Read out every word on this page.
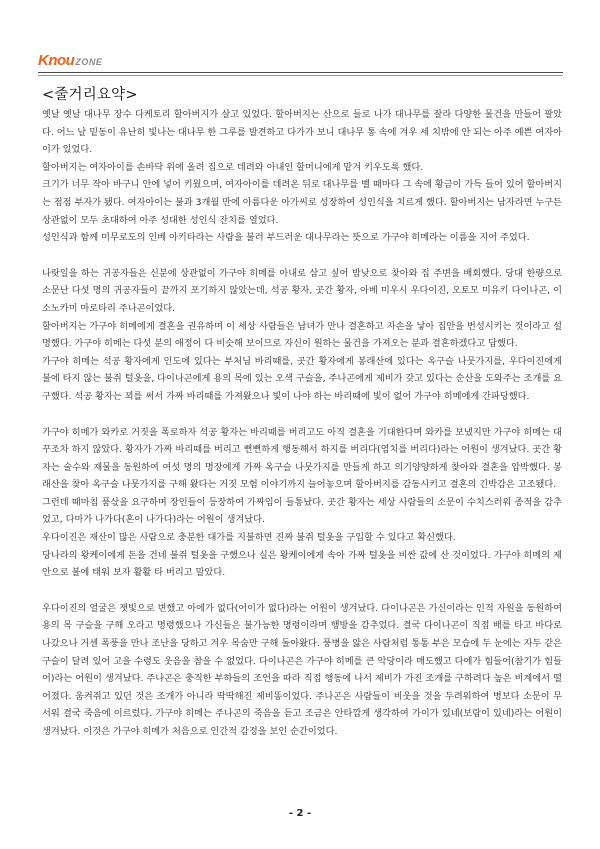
KnouZONE
<줄거리요약>

옛날 옛날 대나무 장수 다케토리 할아버지가 살고 있었다. 할아버지는 산으로 들로 나가 대나무를 잘라 다양한 물건을 만들어 팔았다. 어느 날 밑동이 유난히 빛나는 대나무 한 그루를 발견하고 다가가 보니 대나무 통 속에 겨우 세 치밖에 안 되는 아주 예쁜 여자아이가 있었다.

할아버지는 여자아이를 손바닥 위에 올려 집으로 데려와 아내인 할머니에게 맡겨 키우도록 했다.

크기가 너무 작아 바구니 안에 넣어 키웠으며, 여자아이를 데려온 뒤로 대나무를 벨 때마다 그 속에 황금이 가득 들어 있어 할아버지는 점점 부자가 됐다. 여자아이는 불과 3개월 만에 아름다운 아가씨로 성장하여 성인식을 치르게 했다. 할아버지는 남자라면 누구든 상관없이 모두 초대하여 아주 성대한 성인식 잔치를 열었다.

성인식과 함께 미무로도의 인베 아키타라는 사람을 불러 부드러운 대나무라는 뜻으로 가구야 히메라는 이름을 지어 주었다.

나랏일을 하는 귀공자들은 신분에 상관없이 가구야 히메를 아내로 삼고 싶어 밤낮으로 찾아와 집 주변을 배회했다. 당대 한량으로 소문난 다섯 명의 귀공자들이 끝까지 포기하지 않았는데, 석공 황자, 곳간 황자, 아베 미우시 우다이진, 오토모 미유키 다이나곤, 이소노카미 마로타리 주나곤이었다.

할아버지는 가구야 히메에게 결혼을 권유하며 이 세상 사람들은 남녀가 만나 결혼하고 자손을 낳아 집안을 번성시키는 것이라고 설명했다. 가구야 히메는 다섯 분의 애정이 다 비슷해 보이므로 자신이 원하는 물건을 가져오는 분과 결혼하겠다고 답했다.

가구야 히메는 석공 황자에게 인도에 있다는 부처님 바리때를, 곳간 황자에게 봉래산에 있다는 옥구슬 나뭇가지를, 우다이진에게 불에 타지 않는 불쥐 털옷을, 다이나곤에게 용의 목에 있는 오색 구슬을, 주나곤에게 제비가 갖고 있다는 순산을 도와주는 조개를 요구했다. 석공 황자는 꾀를 써서 가짜 바리때를 가져왔으나 빛이 나야 하는 바리때에 빛이 없어 가구야 히메에게 간파당했다.

가구야 히메가 와카로 거짓을 폭로하자 석공 황자는 바리때를 버리고도 아직 결혼을 기대한다며 와카를 보냈지만 가구야 히메는 대꾸조차 하지 않았다. 황자가 가짜 바리때를 버리고 뻔뻔하게 행동해서 하지를 버리다(염치를 버리다)라는 어원이 생겨났다. 곳간 황자는 술수와 재물을 동원하여 여섯 명의 명장에게 가짜 옥구슬 나뭇가지를 만들게 하고 의기양양하게 찾아와 결혼을 압박했다. 봉래산을 찾아 옥구슬 나뭇가지를 구해 왔다는 거짓 모험 이야기까지 늘어놓으며 할아버지를 감동시키고 결혼의 긴박감은 고조됐다.

그런데 때마침 품삯을 요구하며 장인들이 등장하여 가짜임이 들통났다. 곳간 황자는 세상 사람들의 소문이 수치스러워 종적을 감추었고, 다마가 나가다(혼이 나가다)라는 어원이 생겨났다.

우다이진은 재산이 많은 사람으로 충분한 대가를 지불하면 진짜 불쥐 털옷을 구입할 수 있다고 확신했다.

당나라의 왕케이에게 돈을 건네 불쥐 털옷을 구했으나 실은 왕케이에게 속아 가짜 털옷을 비싼 값에 산 것이었다. 가구야 히메의 제안으로 불에 태워 보자 활활 타 버리고 말았다.

우다이진의 얼굴은 잿빛으로 변했고 아에가 없다(어이가 없다)라는 어원이 생겨났다. 다이나곤은 가신이라는 인적 자원을 동원하여 용의 목 구슬을 구해 오라고 명령했으나 가신들은 불가능한 명령이라며 행방을 감추었다. 결국 다이나곤이 직접 배를 타고 바다로 나갔으나 거센 폭풍을 만나 조난을 당하고 겨우 목숨만 구해 돌아왔다. 풍병을 앓은 사람처럼 통통 부은 모습에 두 눈에는 자두 같은 구슬이 달려 있어 고을 수령도 웃음을 참을 수 없었다. 다이나곤은 가구야 히메를 큰 악당이라 매도했고 다에가 힘들어(참기가 힘들어)라는 어원이 생겨났다. 주나곤은 충직한 부하들의 조언을 따라 직접 행동에 나서 제비가 가진 조개를 구하려다 높은 비계에서 떨어졌다. 움켜쥐고 있던 것은 조개가 아니라 딱딱해진 제비똥이었다. 주나곤은 사람들이 비웃을 것을 두려워하여 병보다 소문이 무서워 결국 죽음에 이르렀다. 가구야 히메는 주나곤의 죽음을 듣고 조금은 안타깝게 생각하여 가이가 있네(보람이 있네)라는 어원이 생겨났다. 이것은 가구야 히메가 처음으로 인간적 감정을 보인 순간이었다.

- 2 -
